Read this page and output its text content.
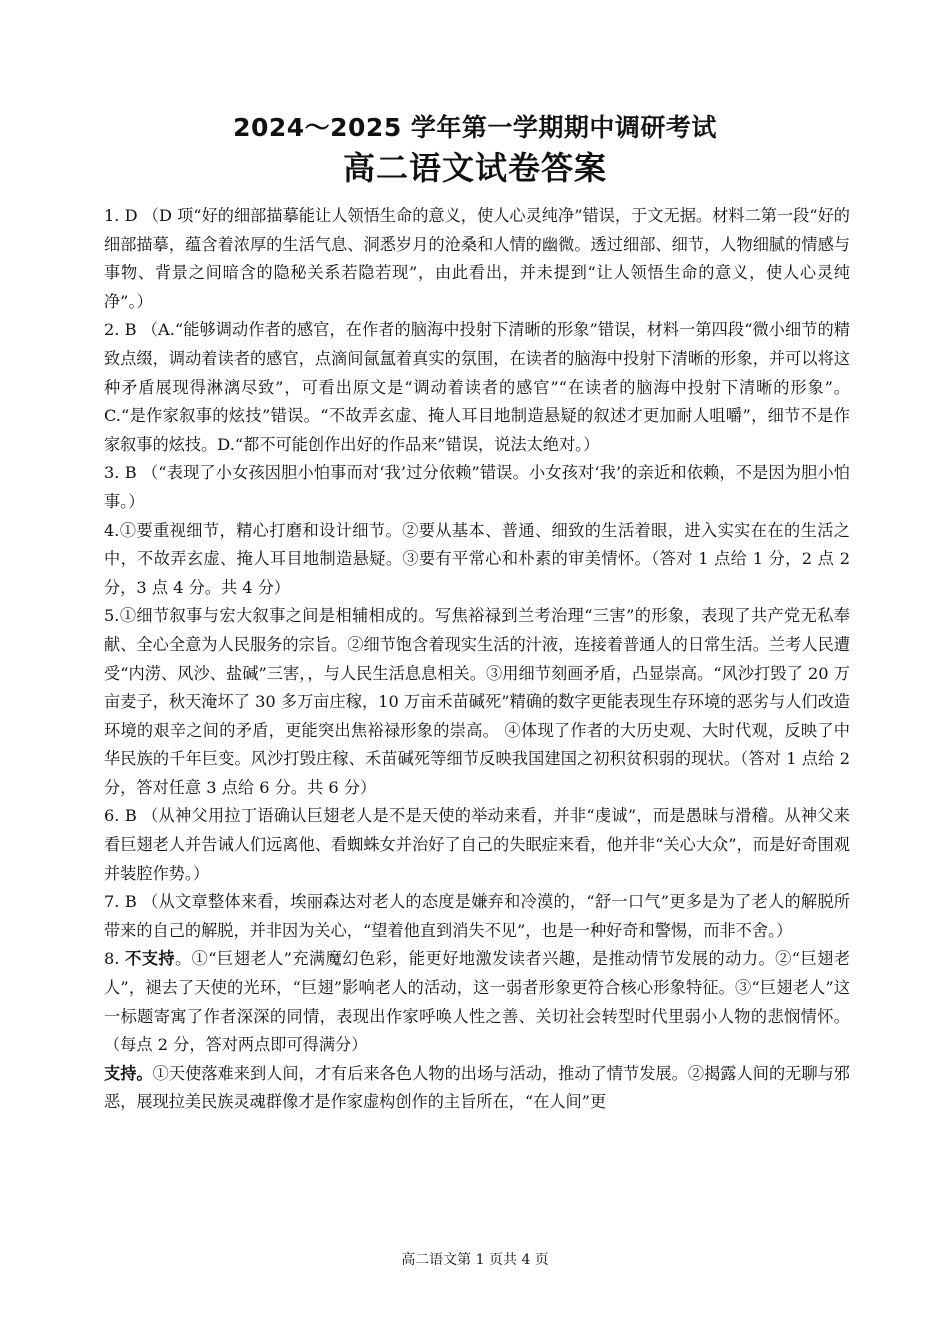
2024～2025 学年第一学期期中调研考试
高二语文试卷答案

1. D （D 项“好的细部描摹能让人领悟生命的意义，使人心灵纯净”错误，于文无据。材料二第一段“好的细部描摹，蕴含着浓厚的生活气息、洞悉岁月的沧桑和人情的幽微。透过细部、细节，人物细腻的情感与事物、背景之间暗含的隐秘关系若隐若现”，由此看出，并未提到“让人领悟生命的意义，使人心灵纯净”。）

2. B （A.“能够调动作者的感官，在作者的脑海中投射下清晰的形象”错误，材料一第四段“微小细节的精致点缀，调动着读者的感官，点滴间氤氲着真实的氛围，在读者的脑海中投射下清晰的形象，并可以将这种矛盾展现得淋漓尽致”，可看出原文是“调动着读者的感官”“在读者的脑海中投射下清晰的形象”。C.“是作家叙事的炫技”错误。“不故弄玄虚、掩人耳目地制造悬疑的叙述才更加耐人咀嚼”，细节不是作家叙事的炫技。D.“都不可能创作出好的作品来”错误，说法太绝对。）

3. B （“表现了小女孩因胆小怕事而对‘我’过分依赖”错误。小女孩对‘我’的亲近和依赖，不是因为胆小怕事。）

4.①要重视细节，精心打磨和设计细节。②要从基本、普通、细致的生活着眼，进入实实在在的生活之中，不故弄玄虚、掩人耳目地制造悬疑。③要有平常心和朴素的审美情怀。（答对 1 点给 1 分，2 点 2 分，3 点 4 分。共 4 分）

5.①细节叙事与宏大叙事之间是相辅相成的。写焦裕禄到兰考治理“三害”的形象，表现了共产党无私奉献、全心全意为人民服务的宗旨。②细节饱含着现实生活的汁液，连接着普通人的日常生活。兰考人民遭受“内涝、风沙、盐碱”三害，，与人民生活息息相关。③用细节刻画矛盾，凸显崇高。“风沙打毁了 20 万亩麦子，秋天淹坏了 30 多万亩庄稼，10 万亩禾苗碱死”精确的数字更能表现生存环境的恶劣与人们改造环境的艰辛之间的矛盾，更能突出焦裕禄形象的崇高。 ④体现了作者的大历史观、大时代观，反映了中华民族的千年巨变。风沙打毁庄稼、禾苗碱死等细节反映我国建国之初积贫积弱的现状。（答对 1 点给 2 分，答对任意 3 点给 6 分。共 6 分）

6. B （从神父用拉丁语确认巨翅老人是不是天使的举动来看，并非“虔诚”，而是愚昧与滑稽。从神父来看巨翅老人并告诫人们远离他、看蜘蛛女并治好了自己的失眠症来看，他并非“关心大众”，而是好奇围观并装腔作势。）

7. B （从文章整体来看，埃丽森达对老人的态度是嫌弃和冷漠的，“舒一口气”更多是为了老人的解脱所带来的自己的解脱，并非因为关心，“望着他直到消失不见”，也是一种好奇和警惕，而非不舍。）

8. 不支持。①“巨翅老人”充满魔幻色彩，能更好地激发读者兴趣，是推动情节发展的动力。②“巨翅老人”，褪去了天使的光环，“巨翅”影响老人的活动，这一弱者形象更符合核心形象特征。③“巨翅老人”这一标题寄寓了作者深深的同情，表现出作家呼唤人性之善、关切社会转型时代里弱小人物的悲悯情怀。（每点 2 分，答对两点即可得满分）

支持。①天使落难来到人间，才有后来各色人物的出场与活动，推动了情节发展。②揭露人间的无聊与邪恶，展现拉美民族灵魂群像才是作家虚构创作的主旨所在，“在人间”更

高二语文第 1 页共 4 页
